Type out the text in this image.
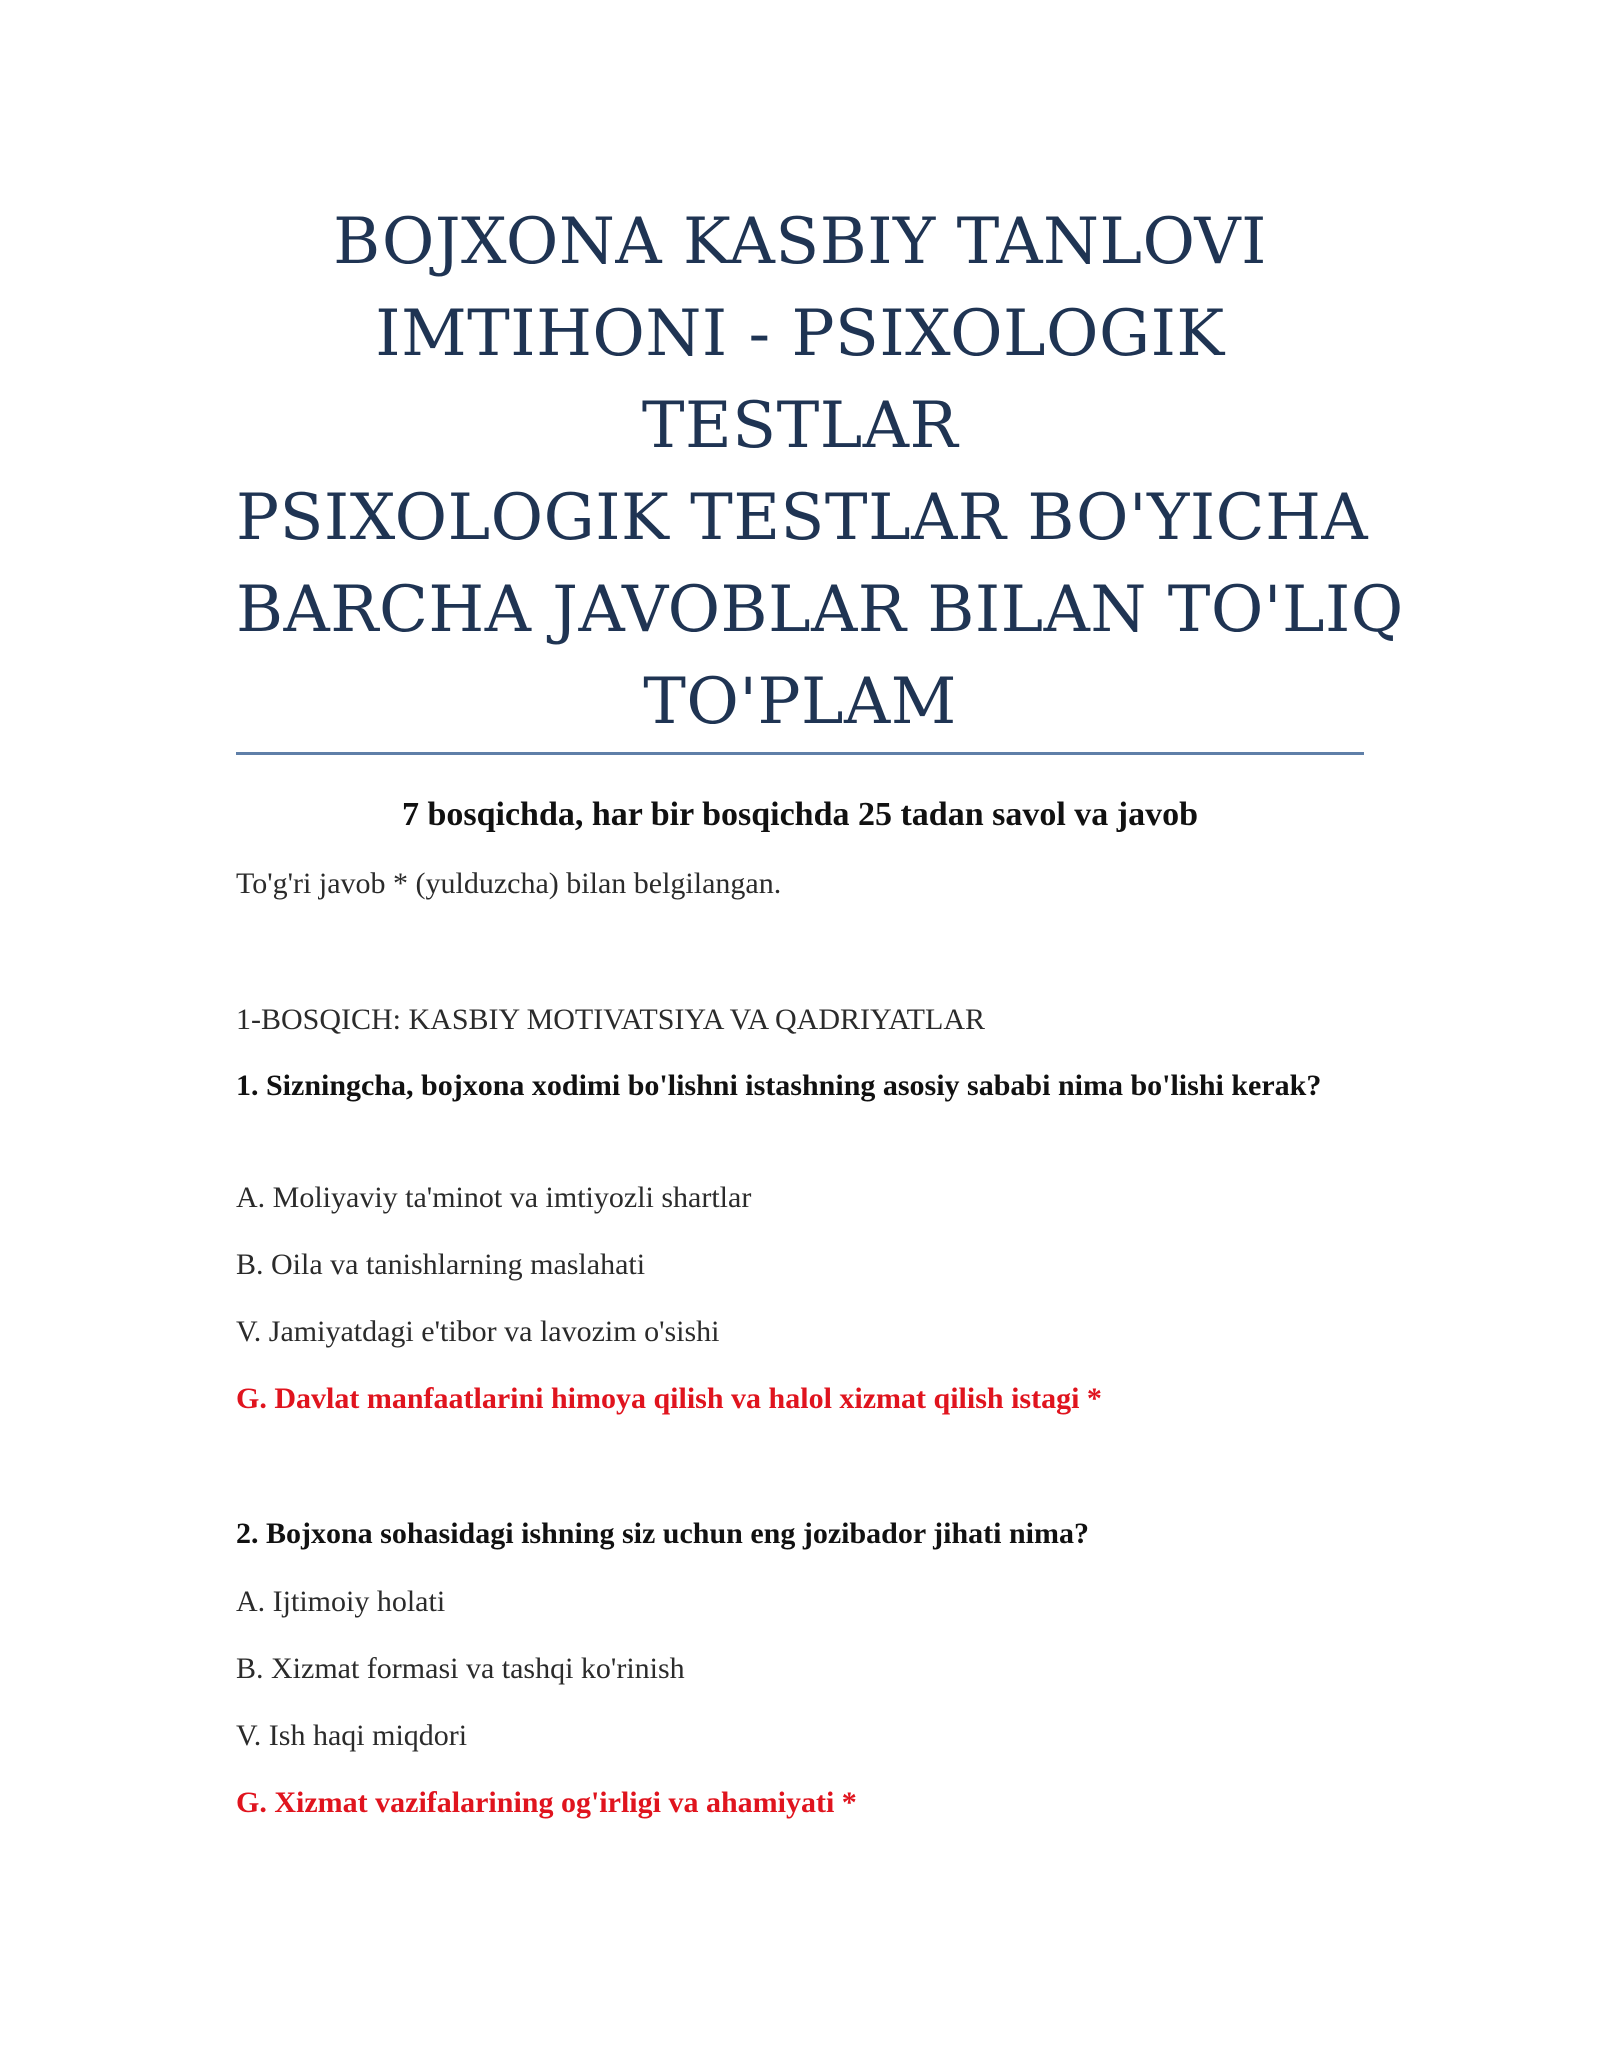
BOJXONA KASBIY TANLOVI
IMTIHONI - PSIXOLOGIK
TESTLAR
PSIXOLOGIK TESTLAR BO'YICHA
BARCHA JAVOBLAR BILAN TO'LIQ
TO'PLAM
7 bosqichda, har bir bosqichda 25 tadan savol va javob
To'g'ri javob * (yulduzcha) bilan belgilangan.
1-BOSQICH: KASBIY MOTIVATSIYA VA QADRIYATLAR
1. Sizningcha, bojxona xodimi bo'lishni istashning asosiy sababi nima bo'lishi kerak?
A. Moliyaviy ta'minot va imtiyozli shartlar
B. Oila va tanishlarning maslahati
V. Jamiyatdagi e'tibor va lavozim o'sishi
G. Davlat manfaatlarini himoya qilish va halol xizmat qilish istagi *
2. Bojxona sohasidagi ishning siz uchun eng jozibador jihati nima?
A. Ijtimoiy holati
B. Xizmat formasi va tashqi ko'rinish
V. Ish haqi miqdori
G. Xizmat vazifalarining og'irligi va ahamiyati *
